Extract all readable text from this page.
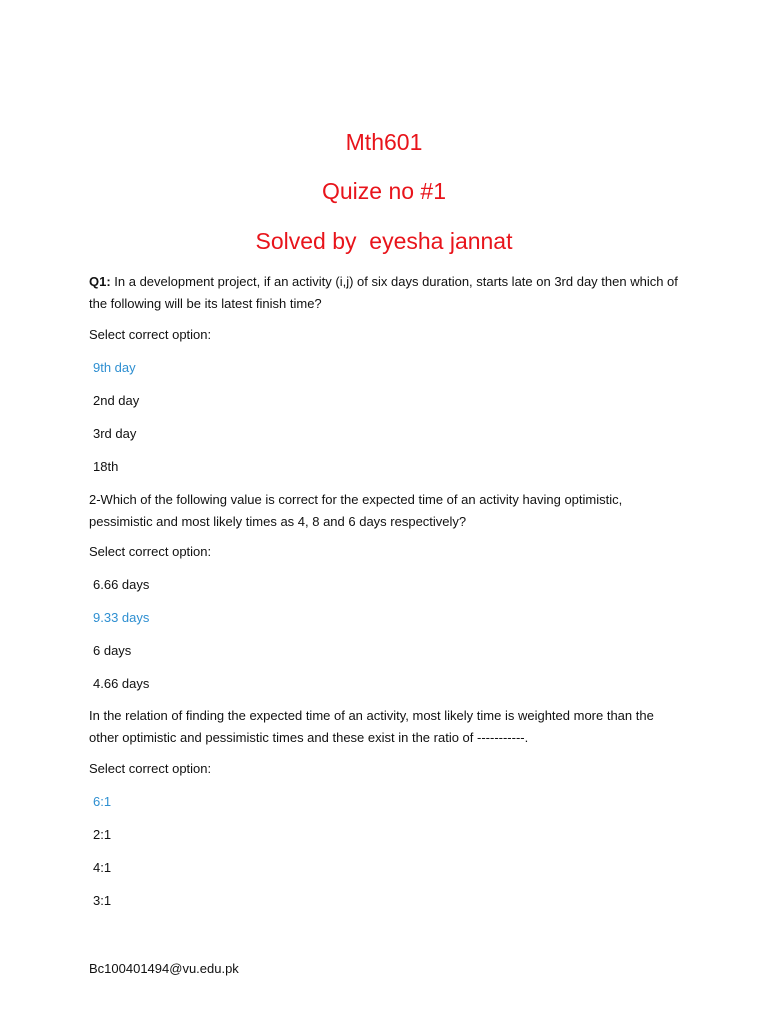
Mth601
Quize no #1
Solved by  eyesha jannat
Q1: In a development project, if an activity (i,j) of six days duration, starts late on 3rd day then which of
the following will be its latest finish time?
Select correct option:
9th day
2nd day
3rd day
18th
2-Which of the following value is correct for the expected time of an activity having optimistic,
pessimistic and most likely times as 4, 8 and 6 days respectively?
Select correct option:
6.66 days
9.33 days
6 days
4.66 days
In the relation of finding the expected time of an activity, most likely time is weighted more than the
other optimistic and pessimistic times and these exist in the ratio of -----------.
Select correct option:
6:1
2:1
4:1
3:1
Bc100401494@vu.edu.pk
